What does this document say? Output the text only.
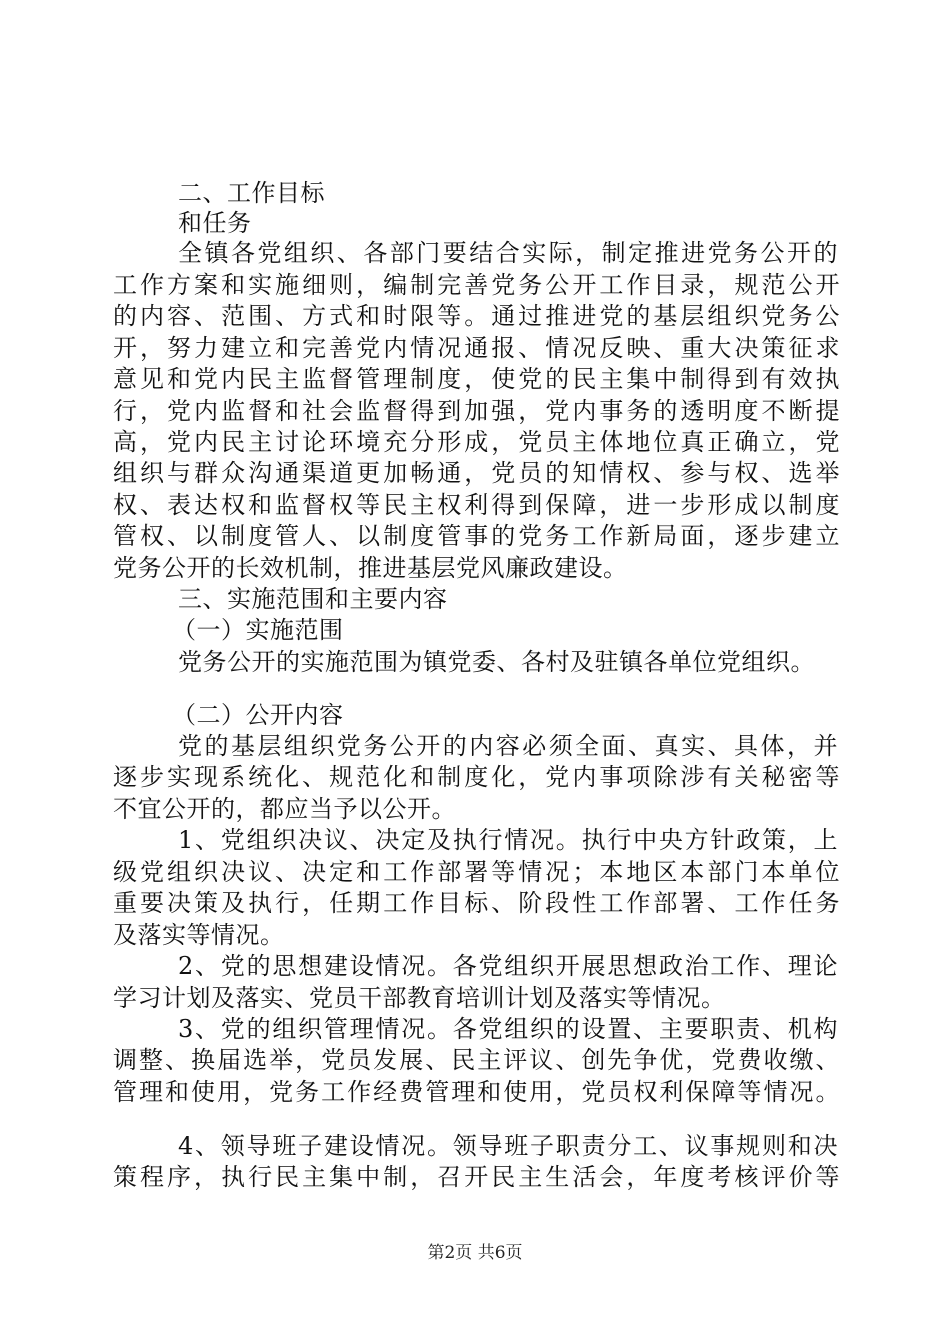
二、工作目标
和任务
全镇各党组织、各部门要结合实际，制定推进党务公开的
工作方案和实施细则，编制完善党务公开工作目录，规范公开
的内容、范围、方式和时限等。通过推进党的基层组织党务公
开，努力建立和完善党内情况通报、情况反映、重大决策征求
意见和党内民主监督管理制度，使党的民主集中制得到有效执
行，党内监督和社会监督得到加强，党内事务的透明度不断提
高，党内民主讨论环境充分形成，党员主体地位真正确立，党
组织与群众沟通渠道更加畅通，党员的知情权、参与权、选举
权、表达权和监督权等民主权利得到保障，进一步形成以制度
管权、以制度管人、以制度管事的党务工作新局面，逐步建立
党务公开的长效机制，推进基层党风廉政建设。
三、实施范围和主要内容
（一）实施范围
党务公开的实施范围为镇党委、各村及驻镇各单位党组织。
（二）公开内容
党的基层组织党务公开的内容必须全面、真实、具体，并
逐步实现系统化、规范化和制度化，党内事项除涉有关秘密等
不宜公开的，都应当予以公开。
1、党组织决议、决定及执行情况。执行中央方针政策，上
级党组织决议、决定和工作部署等情况；本地区本部门本单位
重要决策及执行，任期工作目标、阶段性工作部署、工作任务
及落实等情况。
2、党的思想建设情况。各党组织开展思想政治工作、理论
学习计划及落实、党员干部教育培训计划及落实等情况。
3、党的组织管理情况。各党组织的设置、主要职责、机构
调整、换届选举，党员发展、民主评议、创先争优，党费收缴、
管理和使用，党务工作经费管理和使用，党员权利保障等情况。
4、领导班子建设情况。领导班子职责分工、议事规则和决
策程序，执行民主集中制，召开民主生活会，年度考核评价等
第2页 共6页
